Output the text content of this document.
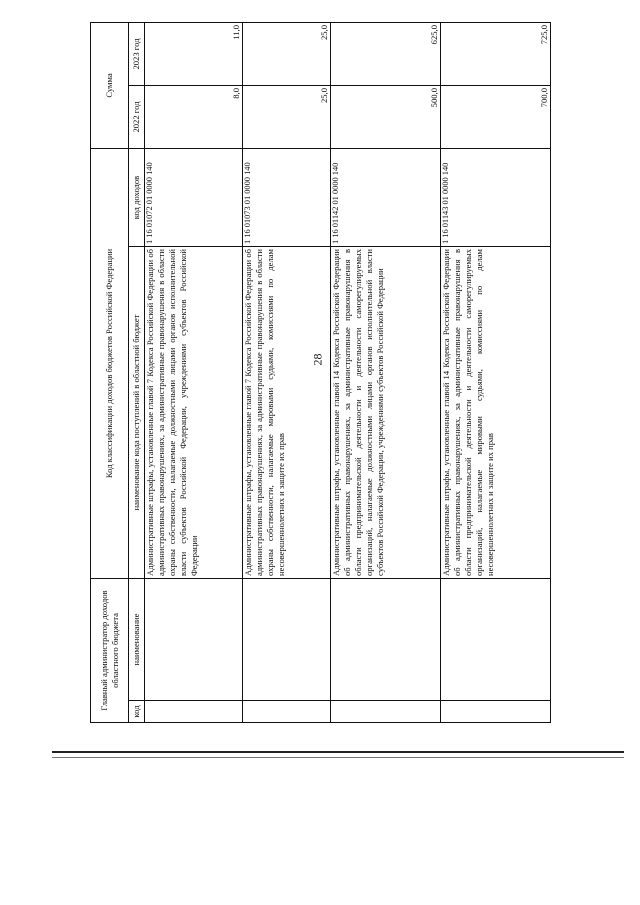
28
Главный администратор доходов областного бюджета		Код классификации доходов бюджетов Российской Федерации		Сумма	
код	наименование	наименование кода поступлений в областной бюджет	код доходов	2022 год	2023 год
		Административные штрафы, установленные главой 7 Кодекса Российской Федерации об административных правонарушениях, за административные правонарушения в области охраны собственности, налагаемые должностными лицами органов исполнительной власти субъектов Российской Федерации, учреждениями субъектов Российской Федерации	1 16 01072 01 0000 140	8,0	11,0
		Административные штрафы, установленные главой 7 Кодекса Российской Федерации об административных правонарушениях, за административные правонарушения в области охраны собственности, налагаемые мировыми судьями, комиссиями по делам несовершеннолетних и защите их прав	1 16 01073 01 0000 140	25,0	25,0
		Административные штрафы, установленные главой 14 Кодекса Российской Федерации об административных правонарушениях, за административные правонарушения в области предпринимательской деятельности и деятельности саморегулируемых организаций, налагаемые должностными лицами органов исполнительной власти субъектов Российской Федерации, учреждениями субъектов Российской Федерации	1 16 01142 01 0000 140	500,0	625,0
		Административные штрафы, установленные главой 14 Кодекса Российской Федерации об административных правонарушениях, за административные правонарушения в области предпринимательской деятельности и деятельности саморегулируемых организаций, налагаемые мировыми судьями, комиссиями по делам несовершеннолетних и защите их прав	1 16 01143 01 0000 140	700,0	725,0
